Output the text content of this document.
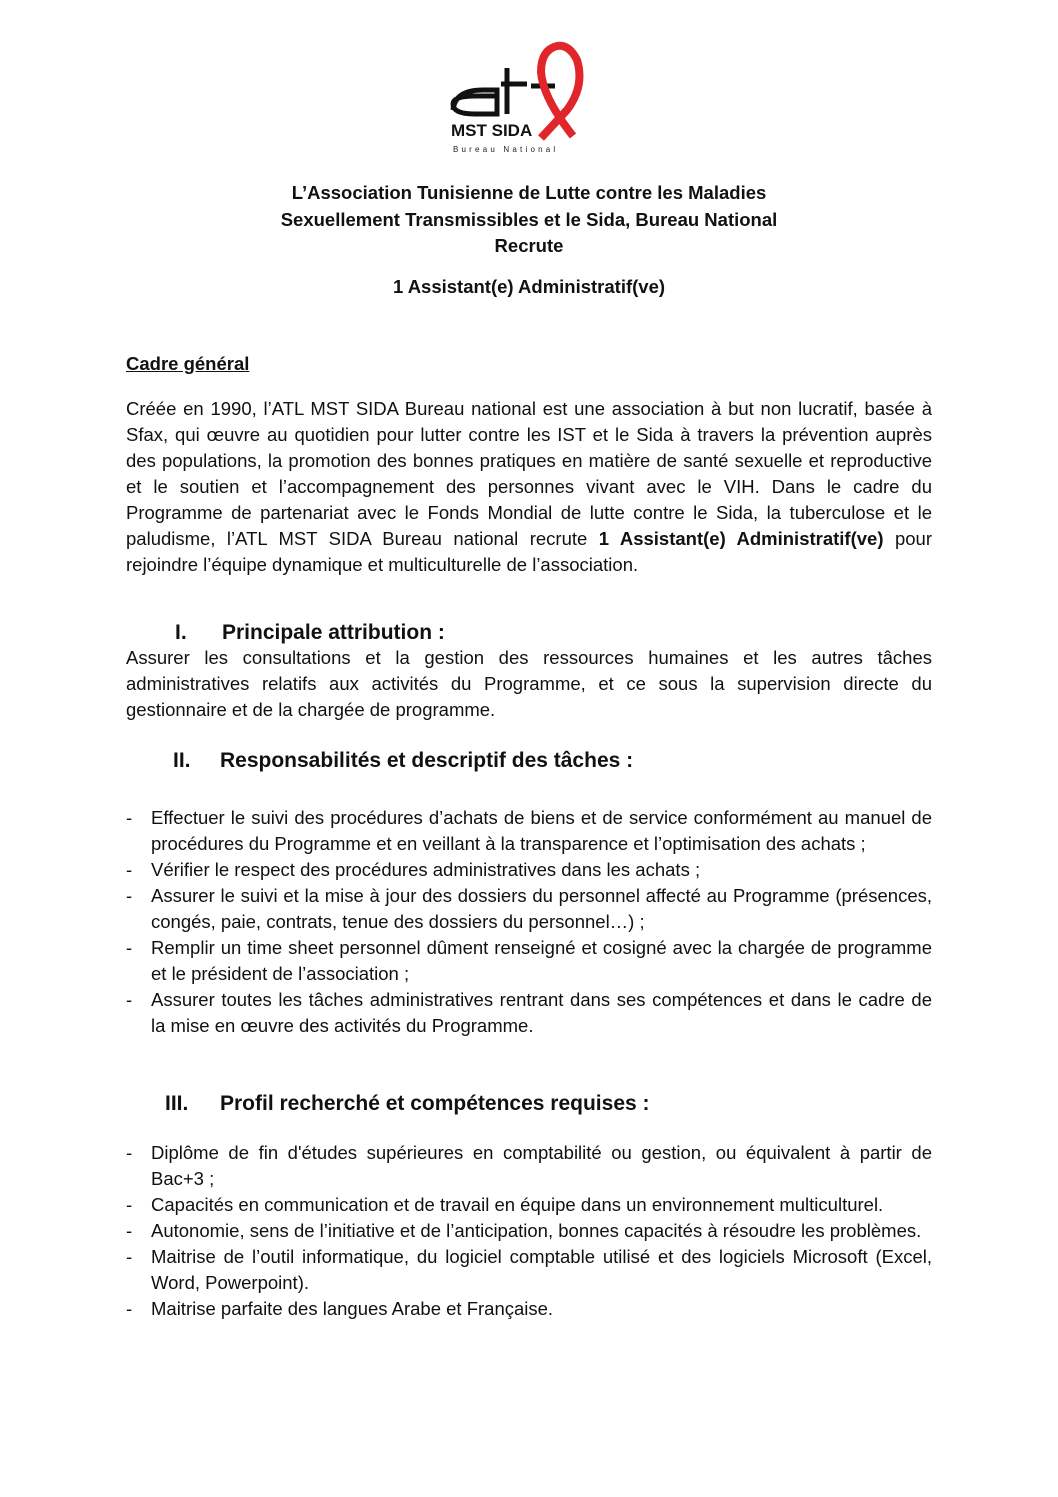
MST SIDA
Bureau National
L’Association Tunisienne de Lutte contre les Maladies
Sexuellement Transmissibles et le Sida, Bureau National
Recrute
1 Assistant(e) Administratif(ve)
Cadre général
Créée en 1990, l’ATL MST SIDA Bureau national est une association à but non lucratif, basée à Sfax, qui œuvre au quotidien pour lutter contre les IST et le Sida à travers la prévention auprès des populations, la promotion des bonnes pratiques en matière de santé sexuelle et reproductive et le soutien et l’accompagnement des personnes vivant avec le VIH. Dans le cadre du Programme de partenariat avec le Fonds Mondial de lutte contre le Sida, la tuberculose et le paludisme, l’ATL MST SIDA Bureau national recrute 1 Assistant(e) Administratif(ve) pour rejoindre l’équipe dynamique et multiculturelle de l’association.
I. Principale attribution :
Assurer les consultations et la gestion des ressources humaines et les autres tâches administratives relatifs aux activités du Programme, et ce sous la supervision directe du gestionnaire et de la chargée de programme.
II. Responsabilités et descriptif des tâches :
- Effectuer le suivi des procédures d’achats de biens et de service conformément au manuel de procédures du Programme et en veillant à la transparence et l’optimisation des achats ;
- Vérifier le respect des procédures administratives dans les achats ;
- Assurer le suivi et la mise à jour des dossiers du personnel affecté au Programme (présences, congés, paie, contrats, tenue des dossiers du personnel…) ;
- Remplir un time sheet personnel dûment renseigné et cosigné avec la chargée de programme et le président de l’association ;
- Assurer toutes les tâches administratives rentrant dans ses compétences et dans le cadre de la mise en œuvre des activités du Programme.
III. Profil recherché et compétences requises :
- Diplôme de fin d'études supérieures en comptabilité ou gestion, ou équivalent à partir de Bac+3 ;
- Capacités en communication et de travail en équipe dans un environnement multiculturel.
- Autonomie, sens de l’initiative et de l’anticipation, bonnes capacités à résoudre les problèmes.
- Maitrise de l’outil informatique, du logiciel comptable utilisé et des logiciels Microsoft (Excel, Word, Powerpoint).
- Maitrise parfaite des langues Arabe et Française.
